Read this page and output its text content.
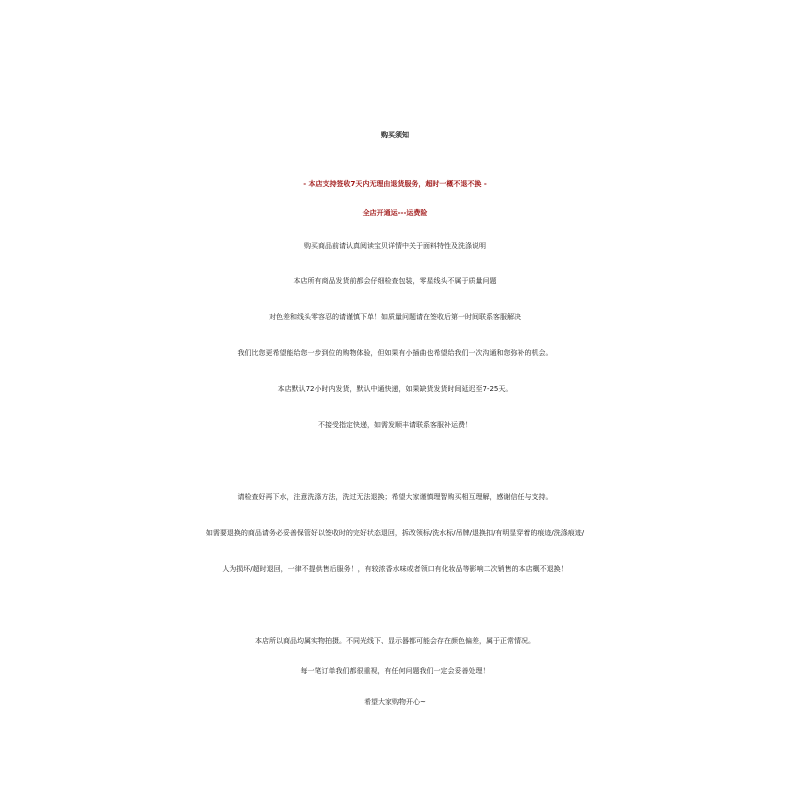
购买须知

- 本店支持签收7天内无理由退货服务，超时一概不退不换 -

全店开通运---运费险

购买商品前请认真阅读宝贝详情中关于面料特性及洗涤说明

本店所有商品发货前都会仔细检查包装，零星线头不属于质量问题

对色差和线头零容忍的请谨慎下单！如质量问题请在签收后第一时间联系客服解决

我们比您更希望能给您一步到位的购物体验，但如果有小插曲也希望给我们一次沟通和您弥补的机会。

本店默认72小时内发货，默认中通快递，如果缺货发货时间延迟至7-25天。

不接受指定快递，如需发顺丰请联系客服补运费！

请检查好再下水，注意洗涤方法，洗过无法退换；希望大家谨慎理智购买相互理解，感谢信任与支持。

如需要退换的商品请务必妥善保管好以签收时的完好状态退回，拆改领标/洗水标/吊牌/退换扣/有明显穿着的痕迹/洗涤痕迹/

人为损坏/超时退回，一律不提供售后服务！，有较浓香水味或者领口有化妆品等影响二次销售的本店概不退换！

本店所以商品均属实物拍摄。不同光线下、显示器都可能会存在颜色偏差，属于正常情况。

每一笔订单我们都很重视，有任何问题我们一定会妥善处理！

希望大家购物开心~
